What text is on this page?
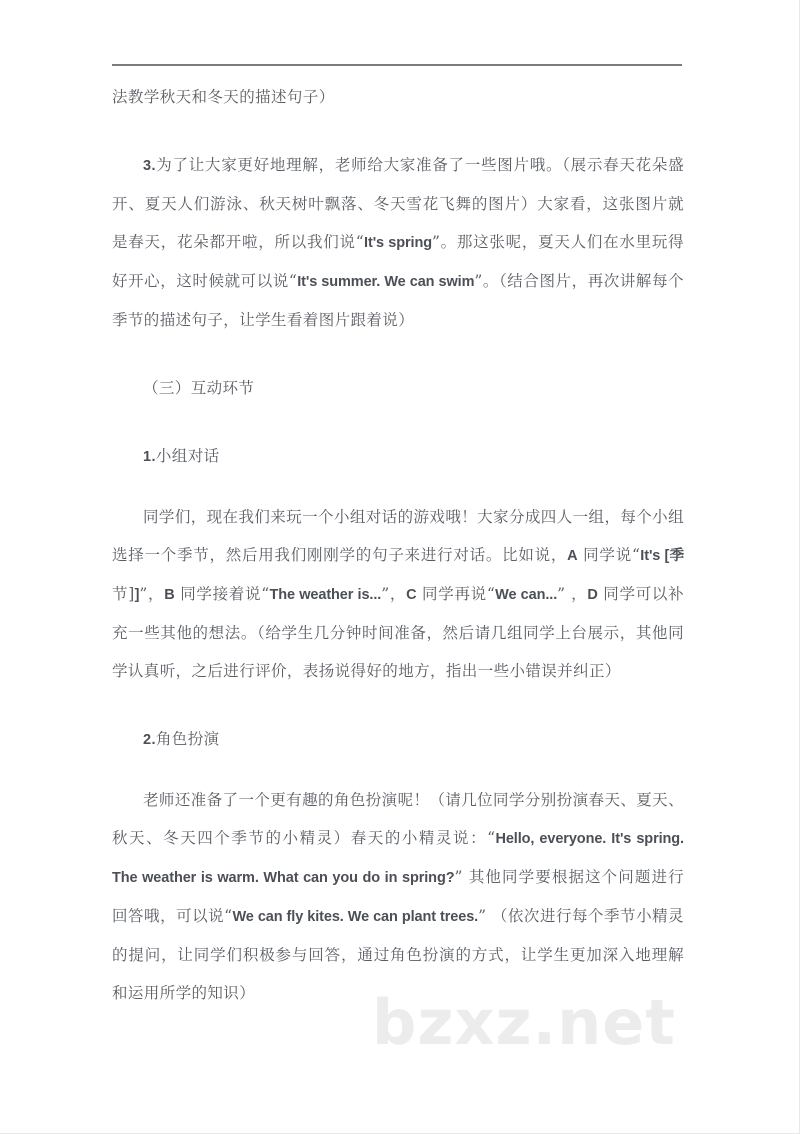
法教学秋天和冬天的描述句子）

3.为了让大家更好地理解，老师给大家准备了一些图片哦。（展示春天花朵盛开、夏天人们游泳、秋天树叶飘落、冬天雪花飞舞的图片）大家看，这张图片就是春天，花朵都开啦，所以我们说“It's spring”。那这张呢，夏天人们在水里玩得好开心，这时候就可以说“It's summer. We can swim”。（结合图片，再次讲解每个季节的描述句子，让学生看着图片跟着说）

（三）互动环节

1.小组对话

同学们，现在我们来玩一个小组对话的游戏哦！大家分成四人一组，每个小组选择一个季节，然后用我们刚刚学的句子来进行对话。比如说，A 同学说“It's [季节]]”，B 同学接着说“The weather is...”，C 同学再说“We can...” ，D 同学可以补充一些其他的想法。（给学生几分钟时间准备，然后请几组同学上台展示，其他同学认真听，之后进行评价，表扬说得好的地方，指出一些小错误并纠正）

2.角色扮演

老师还准备了一个更有趣的角色扮演呢！（请几位同学分别扮演春天、夏天、秋天、冬天四个季节的小精灵）春天的小精灵说：“Hello, everyone. It's spring. The weather is warm. What can you do in spring?” 其他同学要根据这个问题进行回答哦，可以说“We can fly kites. We can plant trees.” （依次进行每个季节小精灵的提问，让同学们积极参与回答，通过角色扮演的方式，让学生更加深入地理解和运用所学的知识）	bzxz.net
